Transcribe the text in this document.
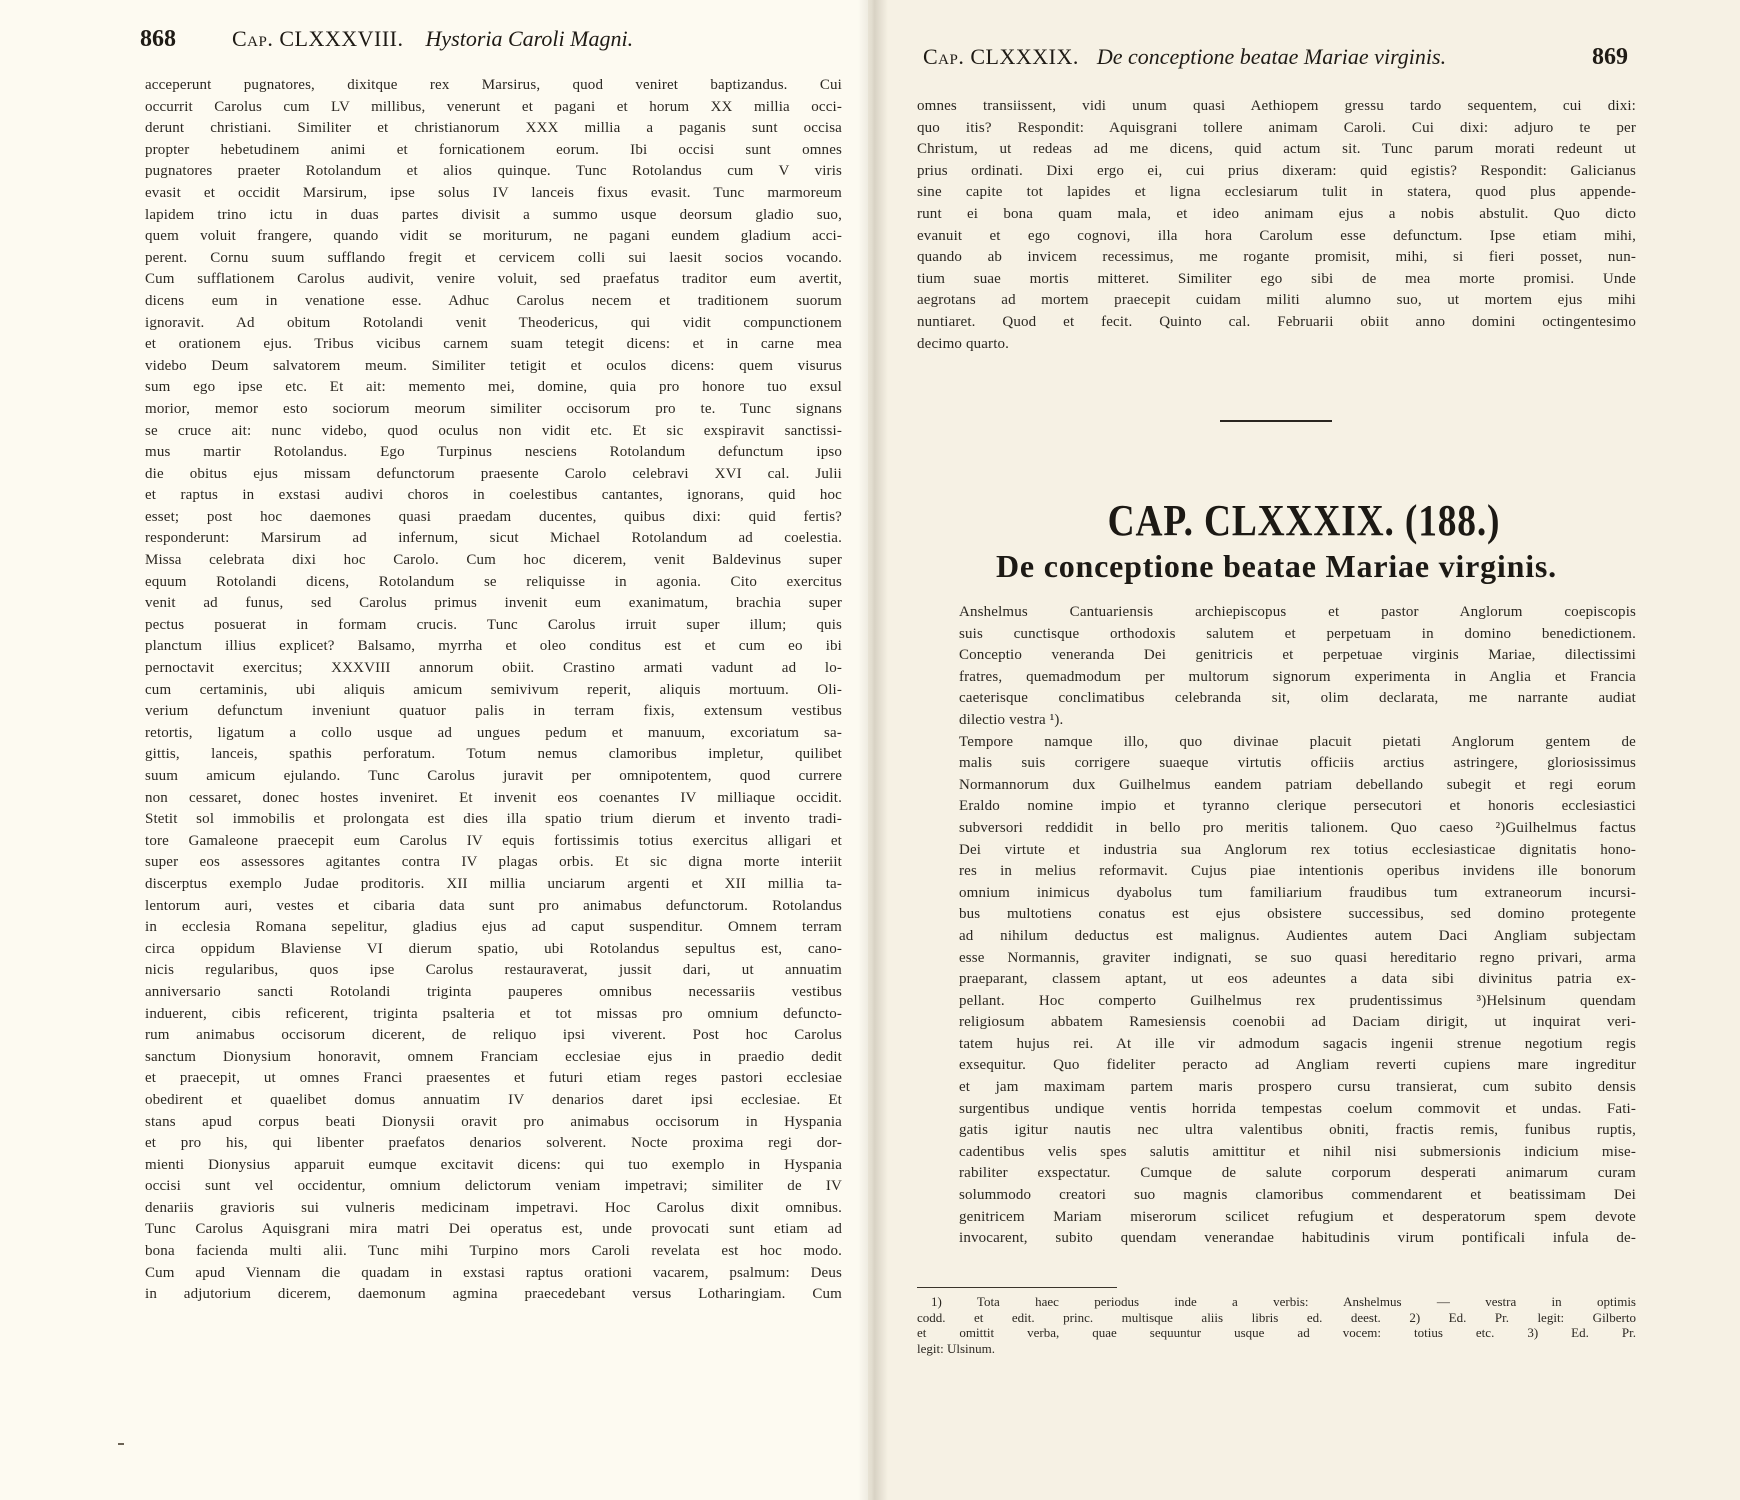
868	Cap. CLXXXVIII. Hystoria Caroli Magni.
acceperunt pugnatores, dixitque rex Marsirus, quod veniret baptizandus. Cui
occurrit Carolus cum LV millibus, venerunt et pagani et horum XX millia occi-
derunt christiani. Similiter et christianorum XXX millia a paganis sunt occisa
propter hebetudinem animi et fornicationem eorum. Ibi occisi sunt omnes
pugnatores praeter Rotolandum et alios quinque. Tunc Rotolandus cum V viris
evasit et occidit Marsirum, ipse solus IV lanceis fixus evasit. Tunc marmoreum
lapidem trino ictu in duas partes divisit a summo usque deorsum gladio suo,
quem voluit frangere, quando vidit se moriturum, ne pagani eundem gladium acci-
perent. Cornu suum sufflando fregit et cervicem colli sui laesit socios vocando.
Cum sufflationem Carolus audivit, venire voluit, sed praefatus traditor eum avertit,
dicens eum in venatione esse. Adhuc Carolus necem et traditionem suorum
ignoravit. Ad obitum Rotolandi venit Theodericus, qui vidit compunctionem
et orationem ejus. Tribus vicibus carnem suam tetegit dicens: et in carne mea
videbo Deum salvatorem meum. Similiter tetigit et oculos dicens: quem visurus
sum ego ipse etc. Et ait: memento mei, domine, quia pro honore tuo exsul
morior, memor esto sociorum meorum similiter occisorum pro te. Tunc signans
se cruce ait: nunc videbo, quod oculus non vidit etc. Et sic exspiravit sanctissi-
mus martir Rotolandus. Ego Turpinus nesciens Rotolandum defunctum ipso
die obitus ejus missam defunctorum praesente Carolo celebravi XVI cal. Julii
et raptus in exstasi audivi choros in coelestibus cantantes, ignorans, quid hoc
esset; post hoc daemones quasi praedam ducentes, quibus dixi: quid fertis?
responderunt: Marsirum ad infernum, sicut Michael Rotolandum ad coelestia.
Missa celebrata dixi hoc Carolo. Cum hoc dicerem, venit Baldevinus super
equum Rotolandi dicens, Rotolandum se reliquisse in agonia. Cito exercitus
venit ad funus, sed Carolus primus invenit eum exanimatum, brachia super
pectus posuerat in formam crucis. Tunc Carolus irruit super illum; quis
planctum illius explicet? Balsamo, myrrha et oleo conditus est et cum eo ibi
pernoctavit exercitus; XXXVIII annorum obiit. Crastino armati vadunt ad lo-
cum certaminis, ubi aliquis amicum semivivum reperit, aliquis mortuum. Oli-
verium defunctum inveniunt quatuor palis in terram fixis, extensum vestibus
retortis, ligatum a collo usque ad ungues pedum et manuum, excoriatum sa-
gittis, lanceis, spathis perforatum. Totum nemus clamoribus impletur, quilibet
suum amicum ejulando. Tunc Carolus juravit per omnipotentem, quod currere
non cessaret, donec hostes inveniret. Et invenit eos coenantes IV milliaque occidit.
Stetit sol immobilis et prolongata est dies illa spatio trium dierum et invento tradi-
tore Gamaleone praecepit eum Carolus IV equis fortissimis totius exercitus alligari et
super eos assessores agitantes contra IV plagas orbis. Et sic digna morte interiit
discerptus exemplo Judae proditoris. XII millia unciarum argenti et XII millia ta-
lentorum auri, vestes et cibaria data sunt pro animabus defunctorum. Rotolandus
in ecclesia Romana sepelitur, gladius ejus ad caput suspenditur. Omnem terram
circa oppidum Blaviense VI dierum spatio, ubi Rotolandus sepultus est, cano-
nicis regularibus, quos ipse Carolus restauraverat, jussit dari, ut annuatim
anniversario sancti Rotolandi triginta pauperes omnibus necessariis vestibus
induerent, cibis reficerent, triginta psalteria et tot missas pro omnium defuncto-
rum animabus occisorum dicerent, de reliquo ipsi viverent. Post hoc Carolus
sanctum Dionysium honoravit, omnem Franciam ecclesiae ejus in praedio dedit
et praecepit, ut omnes Franci praesentes et futuri etiam reges pastori ecclesiae
obedirent et quaelibet domus annuatim IV denarios daret ipsi ecclesiae. Et
stans apud corpus beati Dionysii oravit pro animabus occisorum in Hyspania
et pro his, qui libenter praefatos denarios solverent. Nocte proxima regi dor-
mienti Dionysius apparuit eumque excitavit dicens: qui tuo exemplo in Hyspania
occisi sunt vel occidentur, omnium delictorum veniam impetravi; similiter de IV
denariis gravioris sui vulneris medicinam impetravi. Hoc Carolus dixit omnibus.
Tunc Carolus Aquisgrani mira matri Dei operatus est, unde provocati sunt etiam ad
bona facienda multi alii. Tunc mihi Turpino mors Caroli revelata est hoc modo.
Cum apud Viennam die quadam in exstasi raptus orationi vacarem, psalmum: Deus
in adjutorium dicerem, daemonum agmina praecedebant versus Lotharingiam. Cum
Cap. CLXXXIX. De conceptione beatae Mariae virginis.	869
omnes transiissent, vidi unum quasi Aethiopem gressu tardo sequentem, cui dixi:
quo itis? Respondit: Aquisgrani tollere animam Caroli. Cui dixi: adjuro te per
Christum, ut redeas ad me dicens, quid actum sit. Tunc parum morati redeunt ut
prius ordinati. Dixi ergo ei, cui prius dixeram: quid egistis? Respondit: Galicianus
sine capite tot lapides et ligna ecclesiarum tulit in statera, quod plus appende-
runt ei bona quam mala, et ideo animam ejus a nobis abstulit. Quo dicto
evanuit et ego cognovi, illa hora Carolum esse defunctum. Ipse etiam mihi,
quando ab invicem recessimus, me rogante promisit, mihi, si fieri posset, nun-
tium suae mortis mitteret. Similiter ego sibi de mea morte promisi. Unde
aegrotans ad mortem praecepit cuidam militi alumno suo, ut mortem ejus mihi
nuntiaret. Quod et fecit. Quinto cal. Februarii obiit anno domini octingentesimo
decimo quarto.
CAP. CLXXXIX. (188.)
De conceptione beatae Mariae virginis.

Anshelmus Cantuariensis archiepiscopus et pastor Anglorum coepiscopis
suis cunctisque orthodoxis salutem et perpetuam in domino benedictionem.
Conceptio veneranda Dei genitricis et perpetuae virginis Mariae, dilectissimi
fratres, quemadmodum per multorum signorum experimenta in Anglia et Francia
caeterisque conclimatibus celebranda sit, olim declarata, me narrante audiat
dilectio vestra ¹).

Tempore namque illo, quo divinae placuit pietati Anglorum gentem de
malis suis corrigere suaeque virtutis officiis arctius astringere, gloriosissimus
Normannorum dux Guilhelmus eandem patriam debellando subegit et regi eorum
Eraldo nomine impio et tyranno clerique persecutori et honoris ecclesiastici
subversori reddidit in bello pro meritis talionem. Quo caeso ²)Guilhelmus factus
Dei virtute et industria sua Anglorum rex totius ecclesiasticae dignitatis hono-
res in melius reformavit. Cujus piae intentionis operibus invidens ille bonorum
omnium inimicus dyabolus tum familiarium fraudibus tum extraneorum incursi-
bus multotiens conatus est ejus obsistere successibus, sed domino protegente
ad nihilum deductus est malignus. Audientes autem Daci Angliam subjectam
esse Normannis, graviter indignati, se suo quasi hereditario regno privari, arma
praeparant, classem aptant, ut eos adeuntes a data sibi divinitus patria ex-
pellant. Hoc comperto Guilhelmus rex prudentissimus ³)Helsinum quendam
religiosum abbatem Ramesiensis coenobii ad Daciam dirigit, ut inquirat veri-
tatem hujus rei. At ille vir admodum sagacis ingenii strenue negotium regis
exsequitur. Quo fideliter peracto ad Angliam reverti cupiens mare ingreditur
et jam maximam partem maris prospero cursu transierat, cum subito densis
surgentibus undique ventis horrida tempestas coelum commovit et undas. Fati-
gatis igitur nautis nec ultra valentibus obniti, fractis remis, funibus ruptis,
cadentibus velis spes salutis amittitur et nihil nisi submersionis indicium mise-
rabiliter exspectatur. Cumque de salute corporum desperati animarum curam
solummodo creatori suo magnis clamoribus commendarent et beatissimam Dei
genitricem Mariam miserorum scilicet refugium et desperatorum spem devote
invocarent, subito quendam venerandae habitudinis virum pontificali infula de-

1) Tota haec periodus inde a verbis: Anshelmus — vestra in optimis
codd. et edit. princ. multisque aliis libris ed. deest. 2) Ed. Pr. legit: Gilberto
et omittit verba, quae sequuntur usque ad vocem: totius etc. 3) Ed. Pr.
legit: Ulsinum.
